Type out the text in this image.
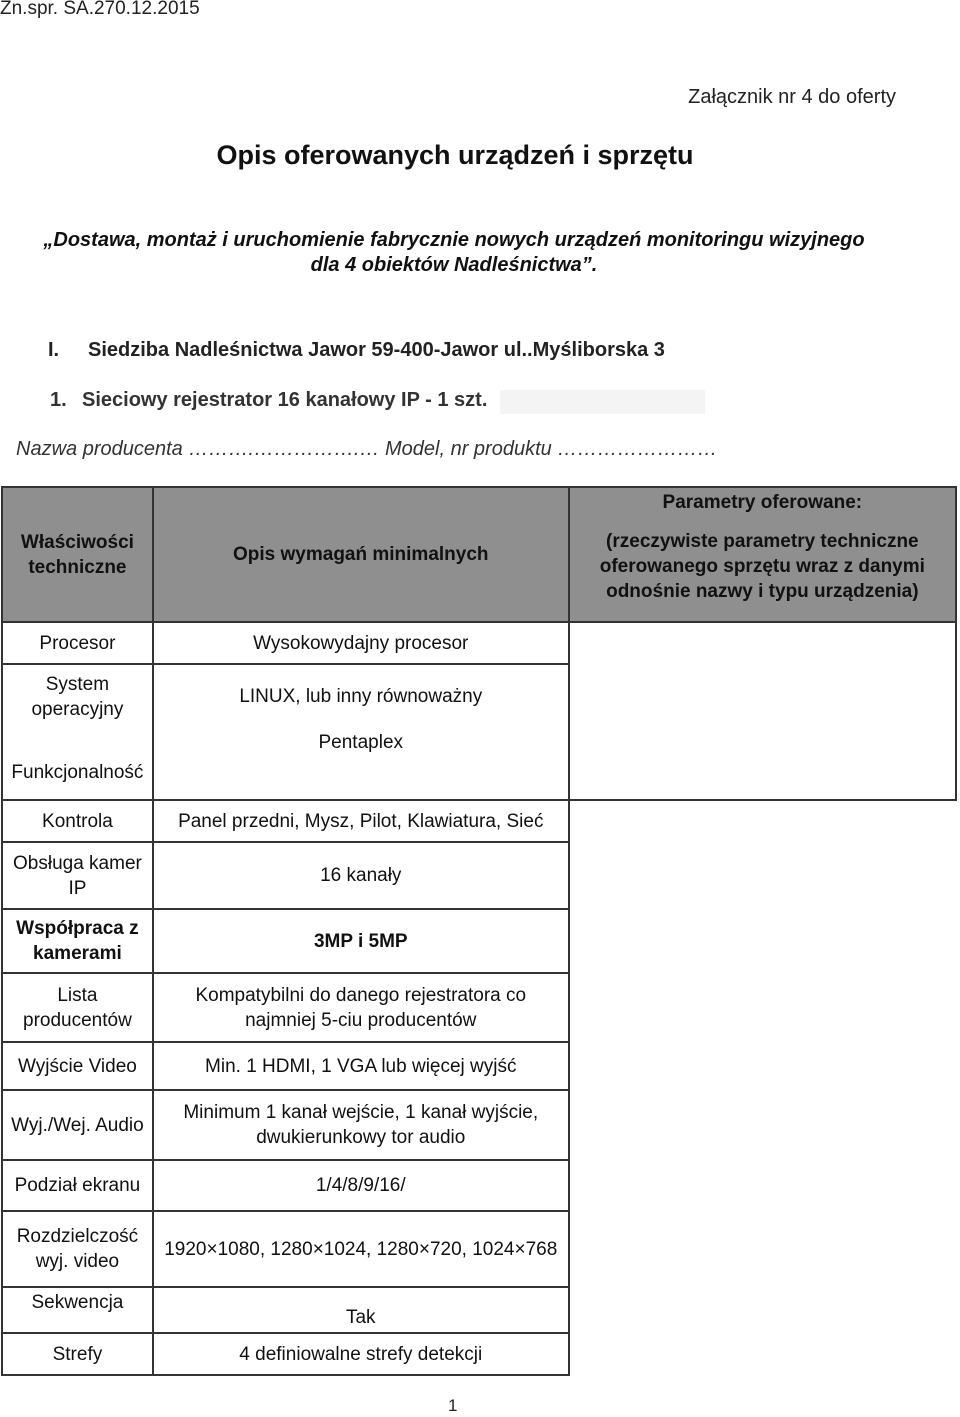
Zn.spr. SA.270.12.2015
Załącznik nr 4 do oferty
Opis oferowanych urządzeń i sprzętu
„Dostawa, montaż i uruchomienie fabrycznie nowych urządzeń monitoringu wizyjnego
dla 4 obiektów Nadleśnictwa”.
I. Siedziba Nadleśnictwa Jawor 59-400-Jawor ul..Myśliborska 3
1. Sieciowy rejestrator 16 kanałowy IP - 1 szt.
Nazwa producenta ……….…………….… Model, nr produktu ……………………
Właściwości techniczne	Opis wymagań minimalnych	Parametry oferowane:
(rzeczywiste parametry techniczne oferowanego sprzętu wraz z danymi odnośnie nazwy i typu urządzenia)
Procesor	Wysokowydajny procesor	
System operacyjny	LINUX, lub inny równoważny	
Funkcjonalność	Pentaplex	
Kontrola	Panel przedni, Mysz, Pilot, Klawiatura, Sieć	
Obsługa kamer IP	16 kanały	
Współpraca z kamerami	3MP i 5MP	
Lista producentów	Kompatybilni do danego rejestratora co najmniej 5-ciu producentów	
Wyjście Video	Min. 1 HDMI, 1 VGA lub więcej wyjść	
Wyj./Wej. Audio	Minimum 1 kanał wejście, 1 kanał wyjście, dwukierunkowy tor audio	
Podział ekranu	1/4/8/9/16/	
Rozdzielczość wyj. video	1920×1080, 1280×1024, 1280×720, 1024×768	
Sekwencja	Tak	
Strefy	4 definiowalne strefy detekcji	
1
